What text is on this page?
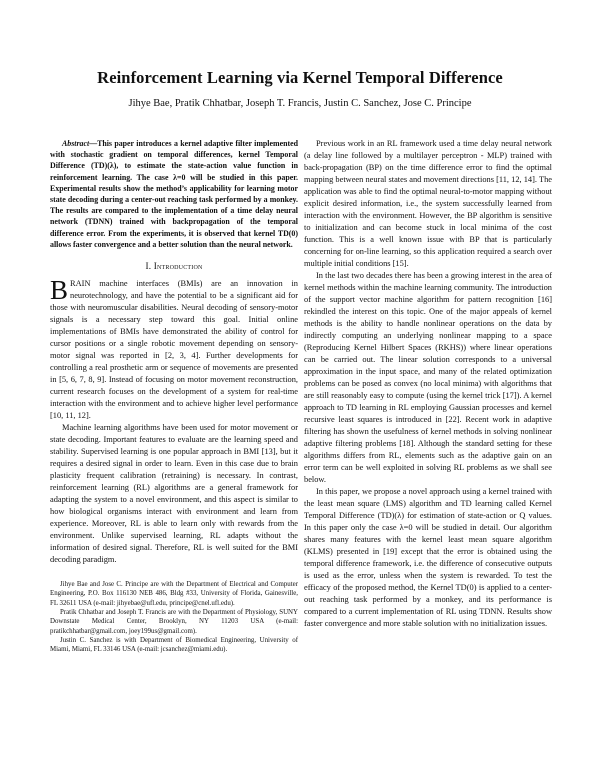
Reinforcement Learning via Kernel Temporal Difference
Jihye Bae, Pratik Chhatbar, Joseph T. Francis, Justin C. Sanchez, Jose C. Principe

Abstract—This paper introduces a kernel adaptive filter implemented with stochastic gradient on temporal differences, kernel Temporal Difference (TD)(λ), to estimate the state-action value function in reinforcement learning. The case λ=0 will be studied in this paper. Experimental results show the method’s applicability for learning motor state decoding during a center-out reaching task performed by a monkey. The results are compared to the implementation of a time delay neural network (TDNN) trained with backpropagation of the temporal difference error. From the experiments, it is observed that kernel TD(0) allows faster convergence and a better solution than the neural network.

I. Introduction

BRAIN machine interfaces (BMIs) are an innovation in neurotechnology, and have the potential to be a significant aid for those with neuromuscular disabilities. Neural decoding of sensory-motor signals is a necessary step toward this goal. Initial online implementations of BMIs have demonstrated the ability of control for cursor positions or a single robotic movement depending on sensory-motor signal was reported in [2, 3, 4]. Further developments for controlling a real prosthetic arm or sequence of movements are presented in [5, 6, 7, 8, 9]. Instead of focusing on motor movement reconstruction, current research focuses on the development of a system for real-time interaction with the environment and to achieve higher level performance [10, 11, 12].

Machine learning algorithms have been used for motor movement or state decoding. Important features to evaluate are the learning speed and stability. Supervised learning is one popular approach in BMI [13], but it requires a desired signal in order to learn. Even in this case due to brain plasticity frequent calibration (retraining) is necessary. In contrast, reinforcement learning (RL) algorithms are a general framework for adapting the system to a novel environment, and this aspect is similar to how biological organisms interact with environment and learn from experience. Moreover, RL is able to learn only with rewards from the environment. Unlike supervised learning, RL adapts without the information of desired signal. Therefore, RL is well suited for the BMI decoding paradigm.

Jihye Bae and Jose C. Principe are with the Department of Electrical and Computer Engineering, P.O. Box 116130 NEB 486, Bldg #33, University of Florida, Gainesville, FL 32611 USA (e-mail: jihyebae@ufl.edu, principe@cnel.ufl.edu).

Pratik Chhatbar and Joseph T. Francis are with the Department of Physiology, SUNY Downstate Medical Center, Brooklyn, NY 11203 USA (e-mail: pratikchhatbar@gmail.com, joey199us@gmail.com).

Justin C. Sanchez is with Department of Biomedical Engineering, University of Miami, Miami, FL 33146 USA (e-mail: jcsanchez@miami.edu).

Previous work in an RL framework used a time delay neural network (a delay line followed by a multilayer perceptron - MLP) trained with back-propagation (BP) on the time difference error to find the optimal mapping between neural states and movement directions [11, 12, 14]. The application was able to find the optimal neural-to-motor mapping without explicit desired information, i.e., the system successfully learned from interaction with the environment. However, the BP algorithm is sensitive to initialization and can become stuck in local minima of the cost function. This is a well known issue with BP that is particularly concerning for on-line learning, so this application required a search over multiple initial conditions [15].

In the last two decades there has been a growing interest in the area of kernel methods within the machine learning community. The introduction of the support vector machine algorithm for pattern recognition [16] rekindled the interest on this topic. One of the major appeals of kernel methods is the ability to handle nonlinear operations on the data by indirectly computing an underlying nonlinear mapping to a space (Reproducing Kernel Hilbert Spaces (RKHS)) where linear operations can be carried out. The linear solution corresponds to a universal approximation in the input space, and many of the related optimization problems can be posed as convex (no local minima) with algorithms that are still reasonably easy to compute (using the kernel trick [17]). A kernel approach to TD learning in RL employing Gaussian processes and kernel recursive least squares is introduced in [22]. Recent work in adaptive filtering has shown the usefulness of kernel methods in solving nonlinear adaptive filtering problems [18]. Although the standard setting for these algorithms differs from RL, elements such as the adaptive gain on an error term can be well exploited in solving RL problems as we shall see below.

In this paper, we propose a novel approach using a kernel trained with the least mean square (LMS) algorithm and TD learning called Kernel Temporal Difference (TD)(λ) for estimation of state-action or Q values. In this paper only the case λ=0 will be studied in detail. Our algorithm shares many features with the kernel least mean square algorithm (KLMS) presented in [19] except that the error is obtained using the temporal difference framework, i.e. the difference of consecutive outputs is used as the error, unless when the system is rewarded. To test the efficacy of the proposed method, the Kernel TD(0) is applied to a center-out reaching task performed by a monkey, and its performance is compared to a current implementation of RL using TDNN. Results show faster convergence and more stable solution with no initialization issues.
